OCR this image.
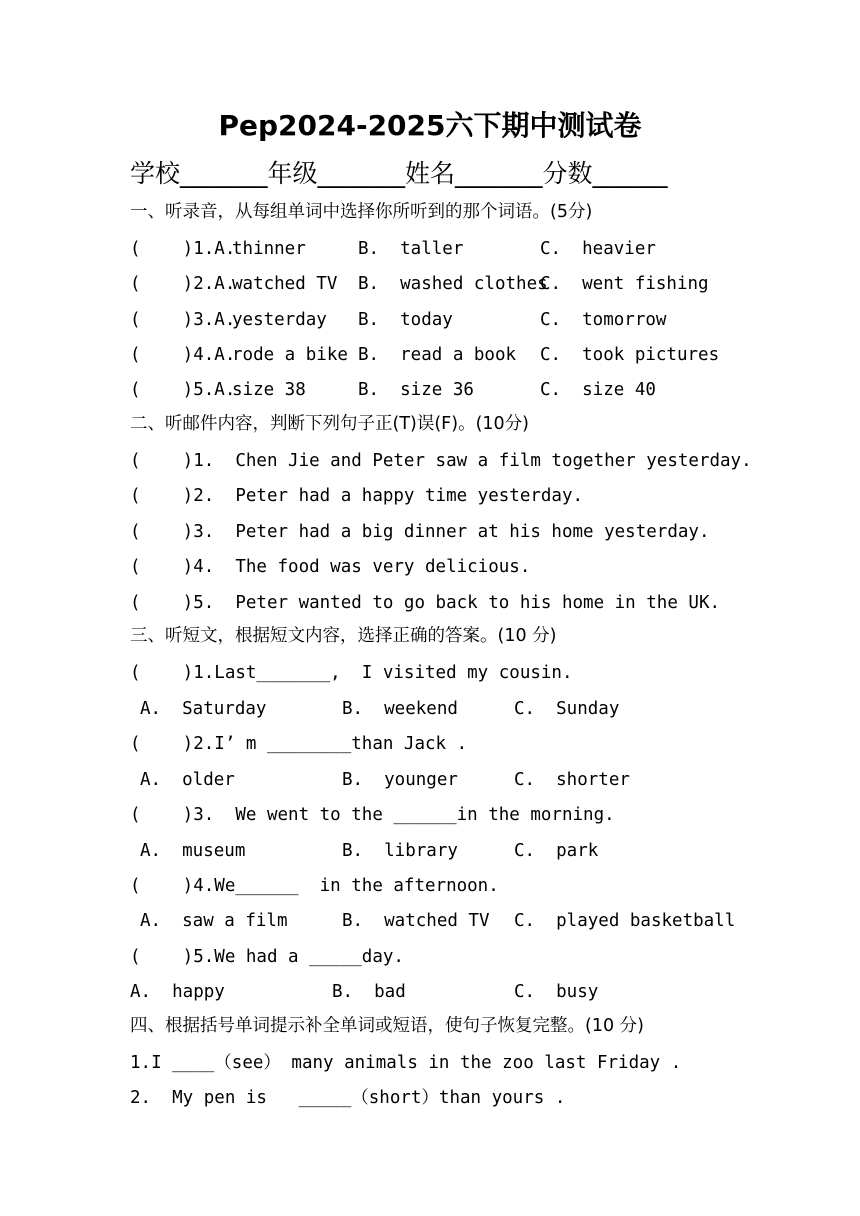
Pep2024-2025六下期中测试卷
学校_______年级_______姓名_______分数______
一、听录音，从每组单词中选择你所听到的那个词语。(5分)
(    )1.A.
thinner	B.  taller	C.  heavier
(    )2.A.
watched TV B.  washed clothes
C.  went fishing
(    )3.A.
yesterday B.  today	C.  tomorrow
(    )4.A.
rode a bike B.  read a book C.  took pictures
(    )5.A.
size 38	B.  size 36	C.  size 40
二、听邮件内容，判断下列句子正(T)误(F)。(10分)
(    )1.  Chen Jie and Peter saw a film together yesterday.
(    )2.  Peter had a happy time yesterday.
(    )3.  Peter had a big dinner at his home yesterday.
(    )4.  The food was very delicious.
(    )5.  Peter wanted to go back to his home in the UK.
三、听短文，根据短文内容，选择正确的答案。(10 分)
(    )1.Last_______,  I visited my cousin.
A.  Saturday	B.  weekend	C.  Sunday
(    )2.I’ m ________than Jack .
A.  older	B.  younger	C.  shorter
(    )3.  We went to the ______in the morning.
A.  museum	B.  library	C.  park
(    )4.We______  in the afternoon.
A.  saw a film	B.  watched TV C.  played basketball
(    )5.We had a _____day.
A.  happy	B.  bad	C.  busy
四、根据括号单词提示补全单词或短语，使句子恢复完整。(10 分)
1.I ____（see） many animals in the zoo last Friday .
2.  My pen is   _____（short）than yours .
